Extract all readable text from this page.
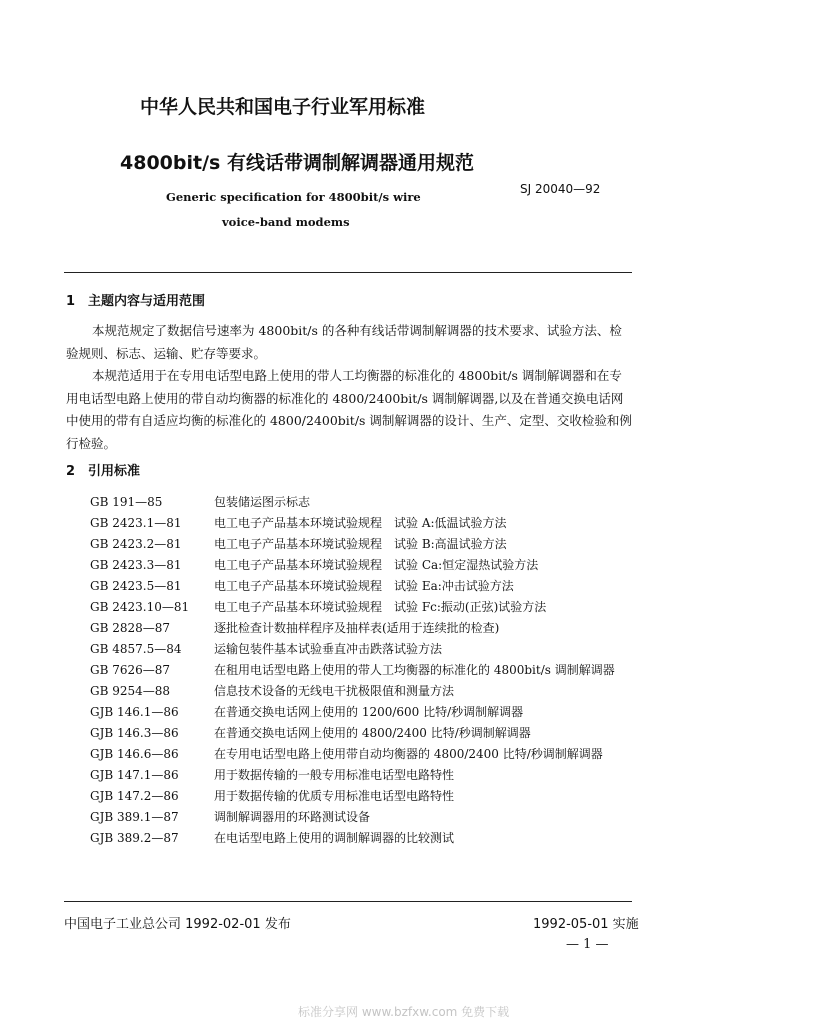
中华人民共和国电子行业军用标准
4800bit/s 有线话带调制解调器通用规范
Generic specification for 4800bit/s wire
voice-band modems
SJ 20040—92
1　主题内容与适用范围

本规范规定了数据信号速率为 4800bit/s 的各种有线话带调制解调器的技术要求、试验方法、检验规则、标志、运输、贮存等要求。

本规范适用于在专用电话型电路上使用的带人工均衡器的标准化的 4800bit/s 调制解调器和在专用电话型电路上使用的带自动均衡器的标准化的 4800/2400bit/s 调制解调器,以及在普通交换电话网中使用的带有自适应均衡的标准化的 4800/2400bit/s 调制解调器的设计、生产、定型、交收检验和例行检验。

2　引用标准
GB 191—85	包装储运图示标志
GB 2423.1—81	电工电子产品基本环境试验规程　试验 A:低温试验方法
GB 2423.2—81	电工电子产品基本环境试验规程　试验 B:高温试验方法
GB 2423.3—81	电工电子产品基本环境试验规程　试验 Ca:恒定湿热试验方法
GB 2423.5—81	电工电子产品基本环境试验规程　试验 Ea:冲击试验方法
GB 2423.10—81	电工电子产品基本环境试验规程　试验 Fc:振动(正弦)试验方法
GB 2828—87	逐批检查计数抽样程序及抽样表(适用于连续批的检查)
GB 4857.5—84	运输包装件基本试验垂直冲击跌落试验方法
GB 7626—87	在租用电话型电路上使用的带人工均衡器的标准化的 4800bit/s 调制解调器
GB 9254—88	信息技术设备的无线电干扰极限值和测量方法
GJB 146.1—86	在普通交换电话网上使用的 1200/600 比特/秒调制解调器
GJB 146.3—86	在普通交换电话网上使用的 4800/2400 比特/秒调制解调器
GJB 146.6—86	在专用电话型电路上使用带自动均衡器的 4800/2400 比特/秒调制解调器
GJB 147.1—86	用于数据传输的一般专用标准电话型电路特性
GJB 147.2—86	用于数据传输的优质专用标准电话型电路特性
GJB 389.1—87	调制解调器用的环路测试设备
GJB 389.2—87	在电话型电路上使用的调制解调器的比较测试
中国电子工业总公司 1992-02-01 发布	1992-05-01 实施
— 1 —
标准分享网 www.bzfxw.com 免费下载
